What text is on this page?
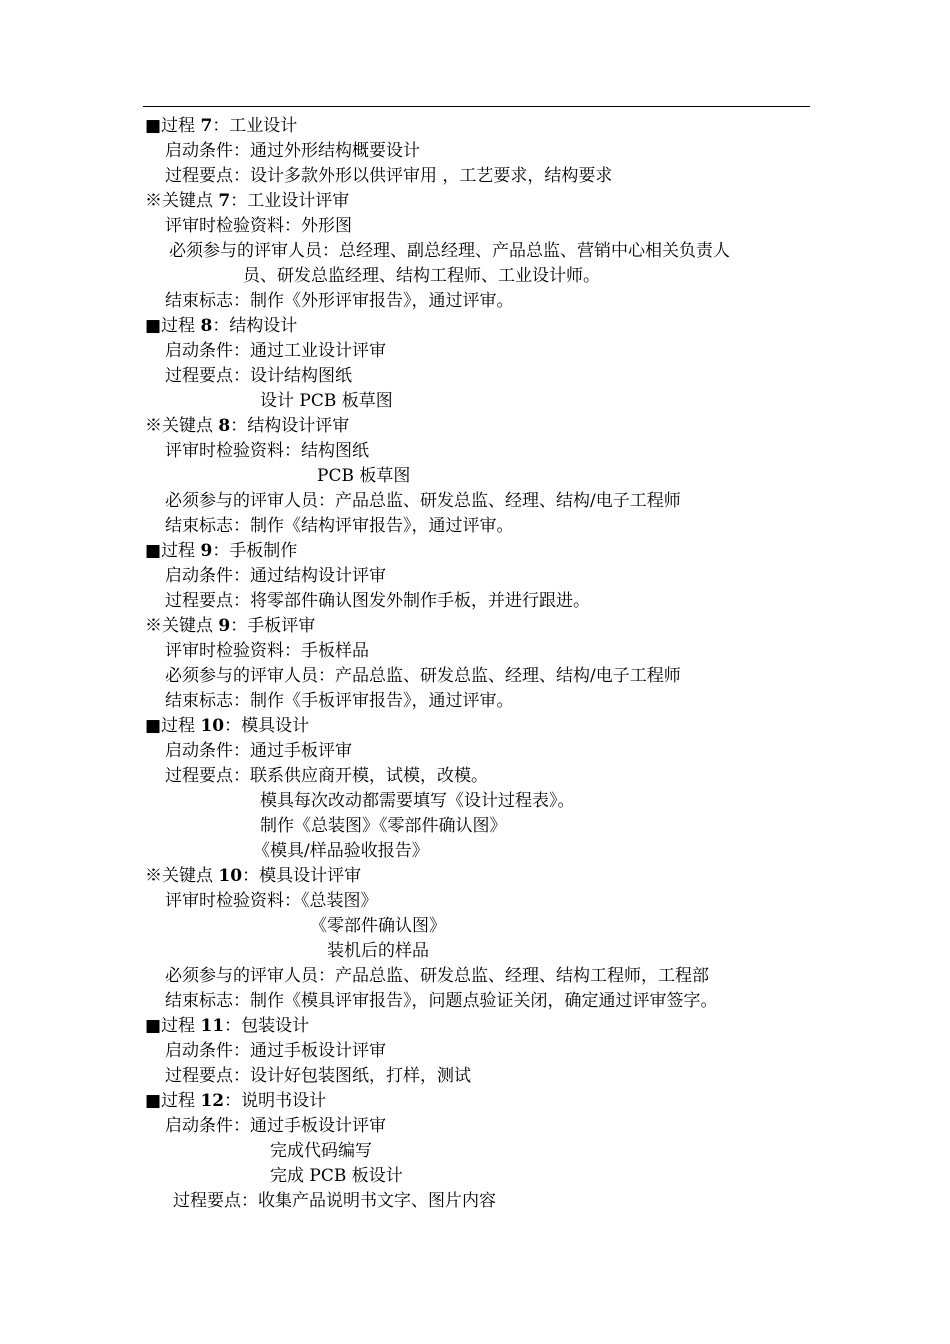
■过程 7：工业设计
启动条件：通过外形结构概要设计
过程要点：设计多款外形以供评审用 ，工艺要求，结构要求
※关键点 7：工业设计评审
评审时检验资料：外形图
必须参与的评审人员：总经理、副总经理、产品总监、营销中心相关负责人
员、研发总监经理、结构工程师、工业设计师。
结束标志：制作《外形评审报告》，通过评审。
■过程 8：结构设计
启动条件：通过工业设计评审
过程要点：设计结构图纸
设计 PCB 板草图
※关键点 8：结构设计评审
评审时检验资料：结构图纸
PCB 板草图
必须参与的评审人员：产品总监、研发总监、经理、结构/电子工程师
结束标志：制作《结构评审报告》，通过评审。
■过程 9：手板制作
启动条件：通过结构设计评审
过程要点：将零部件确认图发外制作手板，并进行跟进。
※关键点 9：手板评审
评审时检验资料：手板样品
必须参与的评审人员：产品总监、研发总监、经理、结构/电子工程师
结束标志：制作《手板评审报告》，通过评审。
■过程 10：模具设计
启动条件：通过手板评审
过程要点：联系供应商开模，试模，改模。
模具每次改动都需要填写《设计过程表》。
制作《总装图》《零部件确认图》
《模具/样品验收报告》
※关键点 10：模具设计评审
评审时检验资料：《总装图》
《零部件确认图》
装机后的样品
必须参与的评审人员：产品总监、研发总监、经理、结构工程师，工程部
结束标志：制作《模具评审报告》，问题点验证关闭，确定通过评审签字。
■过程 11：包装设计
启动条件：通过手板设计评审
过程要点：设计好包装图纸，打样，测试
■过程 12：说明书设计
启动条件：通过手板设计评审
完成代码编写
完成 PCB 板设计
过程要点：收集产品说明书文字、图片内容
